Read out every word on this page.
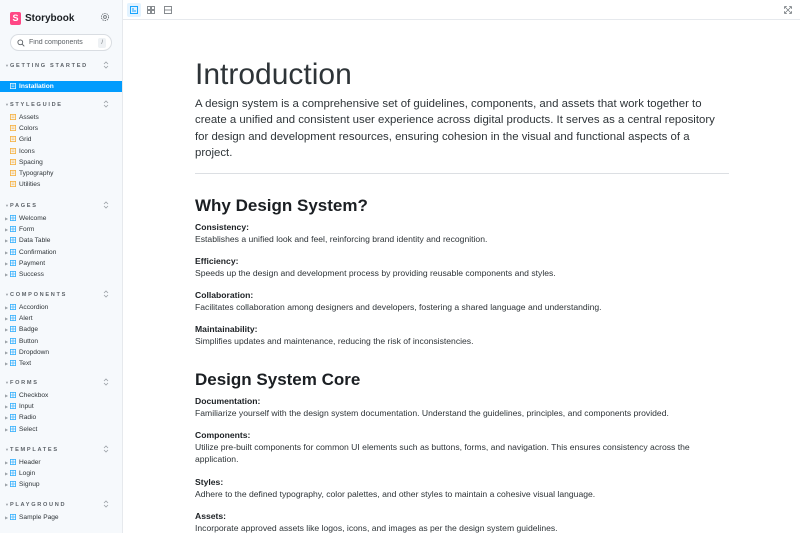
S Storybook
Find components
/
▼ GETTING STARTED
Installation
▼ STYLEGUIDE
Assets
Colors
Grid
Icons
Spacing
Typography
Utilities
▼ PAGES
▶ Welcome
▶ Form
▶ Data Table
▶ Confirmation
▶ Payment
▶ Success
▼ COMPONENTS
▶ Accordion
▶ Alert
▶ Badge
▶ Button
▶ Dropdown
▶ Text
▼ FORMS
▶ Checkbox
▶ Input
▶ Radio
▶ Select
▼ TEMPLATES
▶ Header
▶ Login
▶ Signup
▼ PLAYGROUND
▶ Sample Page
Introduction
A design system is a comprehensive set of guidelines, components, and assets that work together to create a unified and consistent user experience across digital products. It serves as a central repository for design and development resources, ensuring cohesion in the visual and functional aspects of a project.
Why Design System?
Consistency:
Establishes a unified look and feel, reinforcing brand identity and recognition.
Efficiency:
Speeds up the design and development process by providing reusable components and styles.
Collaboration:
Facilitates collaboration among designers and developers, fostering a shared language and understanding.
Maintainability:
Simplifies updates and maintenance, reducing the risk of inconsistencies.
Design System Core
Documentation:
Familiarize yourself with the design system documentation. Understand the guidelines, principles, and components provided.
Components:
Utilize pre-built components for common UI elements such as buttons, forms, and navigation. This ensures consistency across the application.
Styles:
Adhere to the defined typography, color palettes, and other styles to maintain a cohesive visual language.
Assets:
Incorporate approved assets like logos, icons, and images as per the design system guidelines.
